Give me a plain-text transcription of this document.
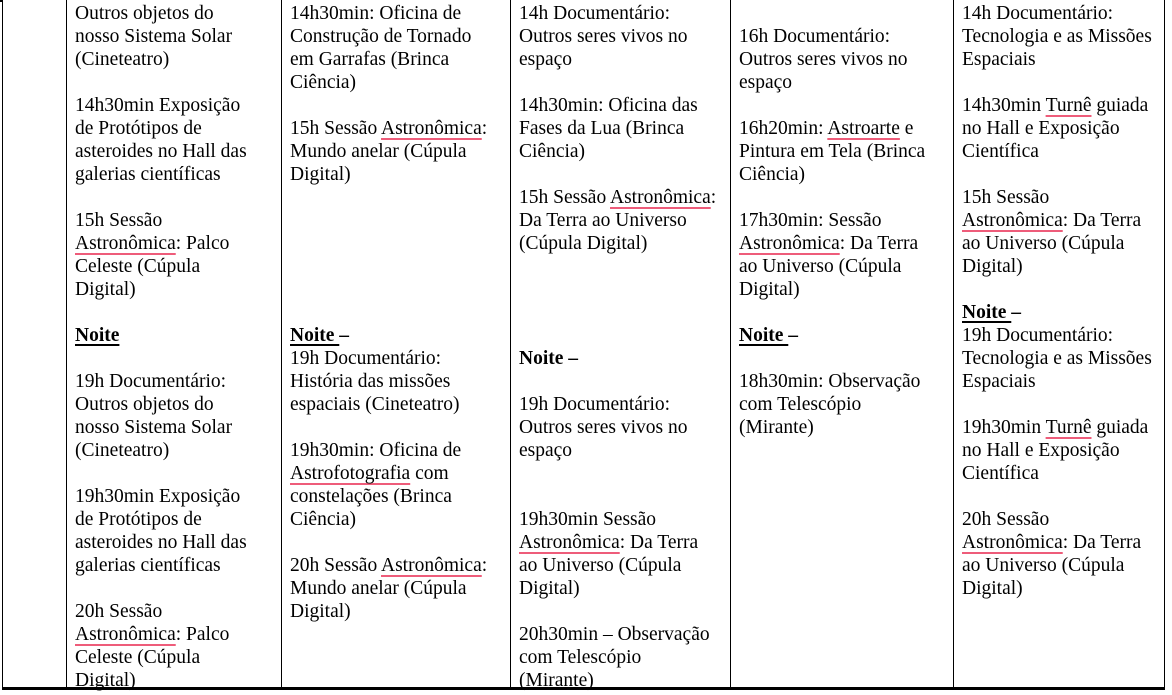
Outros objetos do
nosso Sistema Solar
(Cineteatro)

14h30min Exposição
de Protótipos de
asteroides no Hall das
galerias científicas

15h Sessão
Astronômica: Palco
Celeste (Cúpula
Digital)

Noite

19h Documentário:
Outros objetos do
nosso Sistema Solar
(Cineteatro)

19h30min Exposição
de Protótipos de
asteroides no Hall das
galerias científicas

20h Sessão
Astronômica: Palco
Celeste (Cúpula
Digital)
14h30min: Oficina de
Construção de Tornado
em Garrafas (Brinca
Ciência)

15h Sessão Astronômica:
Mundo anelar (Cúpula
Digital)

Noite –
19h Documentário:
História das missões
espaciais (Cineteatro)

19h30min: Oficina de
Astrofotografia com
constelações (Brinca
Ciência)

20h Sessão Astronômica:
Mundo anelar (Cúpula
Digital)
14h Documentário:
Outros seres vivos no
espaço

14h30min: Oficina das
Fases da Lua (Brinca
Ciência)

15h Sessão Astronômica:
Da Terra ao Universo
(Cúpula Digital)

Noite –

19h Documentário:
Outros seres vivos no
espaço

19h30min Sessão
Astronômica: Da Terra
ao Universo (Cúpula
Digital)

20h30min – Observação
com Telescópio
(Mirante)

16h Documentário:
Outros seres vivos no
espaço

16h20min: Astroarte e
Pintura em Tela (Brinca
Ciência)

17h30min: Sessão
Astronômica: Da Terra
ao Universo (Cúpula
Digital)

Noite –

18h30min: Observação
com Telescópio
(Mirante)
14h Documentário:
Tecnologia e as Missões
Espaciais

14h30min Turnê guiada
no Hall e Exposição
Científica

15h Sessão
Astronômica: Da Terra
ao Universo (Cúpula
Digital)

Noite –
19h Documentário:
Tecnologia e as Missões
Espaciais

19h30min Turnê guiada
no Hall e Exposição
Científica

20h Sessão
Astronômica: Da Terra
ao Universo (Cúpula
Digital)
